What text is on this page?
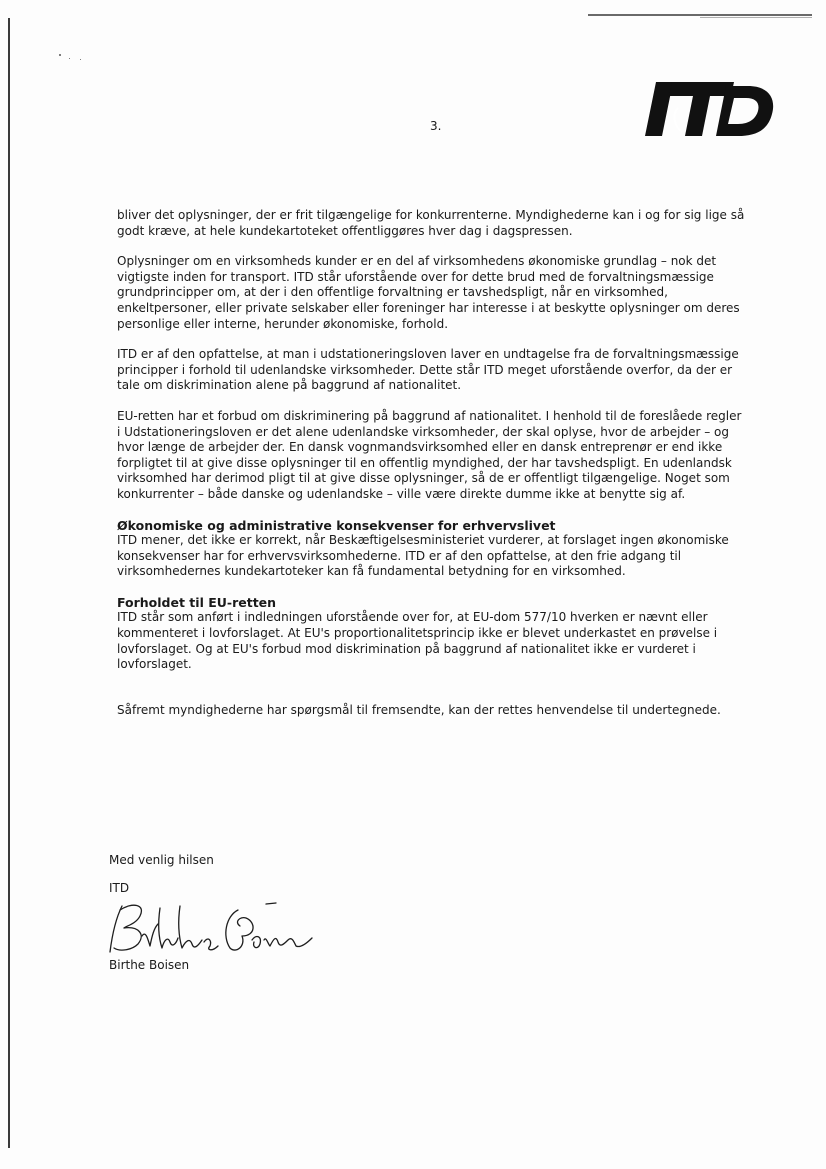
3.

bliver det oplysninger, der er frit tilgængelige for konkurrenterne. Myndighederne kan i og for sig lige så godt kræve, at hele kundekartoteket offentliggøres hver dag i dagspressen.

Oplysninger om en virksomheds kunder er en del af virksomhedens økonomiske grundlag – nok det vigtigste inden for transport. ITD står uforstående over for dette brud med de forvaltningsmæssige grundprincipper om, at der i den offentlige forvaltning er tavshedspligt, når en virksomhed, enkeltpersoner, eller private selskaber eller foreninger har interesse i at beskytte oplysninger om deres personlige eller interne, herunder økonomiske, forhold.

ITD er af den opfattelse, at man i udstationeringsloven laver en undtagelse fra de forvaltningsmæssige principper i forhold til udenlandske virksomheder. Dette står ITD meget uforstående overfor, da der er tale om diskrimination alene på baggrund af nationalitet.

EU-retten har et forbud om diskriminering på baggrund af nationalitet. I henhold til de foreslåede regler i Udstationeringsloven er det alene udenlandske virksomheder, der skal oplyse, hvor de arbejder – og hvor længe de arbejder der. En dansk vognmandsvirksomhed eller en dansk entreprenør er end ikke forpligtet til at give disse oplysninger til en offentlig myndighed, der har tavshedspligt. En udenlandsk virksomhed har derimod pligt til at give disse oplysninger, så de er offentligt tilgængelige. Noget som konkurrenter – både danske og udenlandske – ville være direkte dumme ikke at benytte sig af.

Økonomiske og administrative konsekvenser for erhvervslivet

ITD mener, det ikke er korrekt, når Beskæftigelsesministeriet vurderer, at forslaget ingen økonomiske konsekvenser har for erhvervsvirksomhederne. ITD er af den opfattelse, at den frie adgang til virksomhedernes kundekartoteker kan få fundamental betydning for en virksomhed.

Forholdet til EU-retten

ITD står som anført i indledningen uforstående over for, at EU-dom 577/10 hverken er nævnt eller kommenteret i lovforslaget. At EU's proportionalitetsprincip ikke er blevet underkastet en prøvelse i lovforslaget. Og at EU's forbud mod diskrimination på baggrund af nationalitet ikke er vurderet i lovforslaget.

Såfremt myndighederne har spørgsmål til fremsendte, kan der rettes henvendelse til undertegnede.

Med venlig hilsen
ITD
Birthe Boisen
